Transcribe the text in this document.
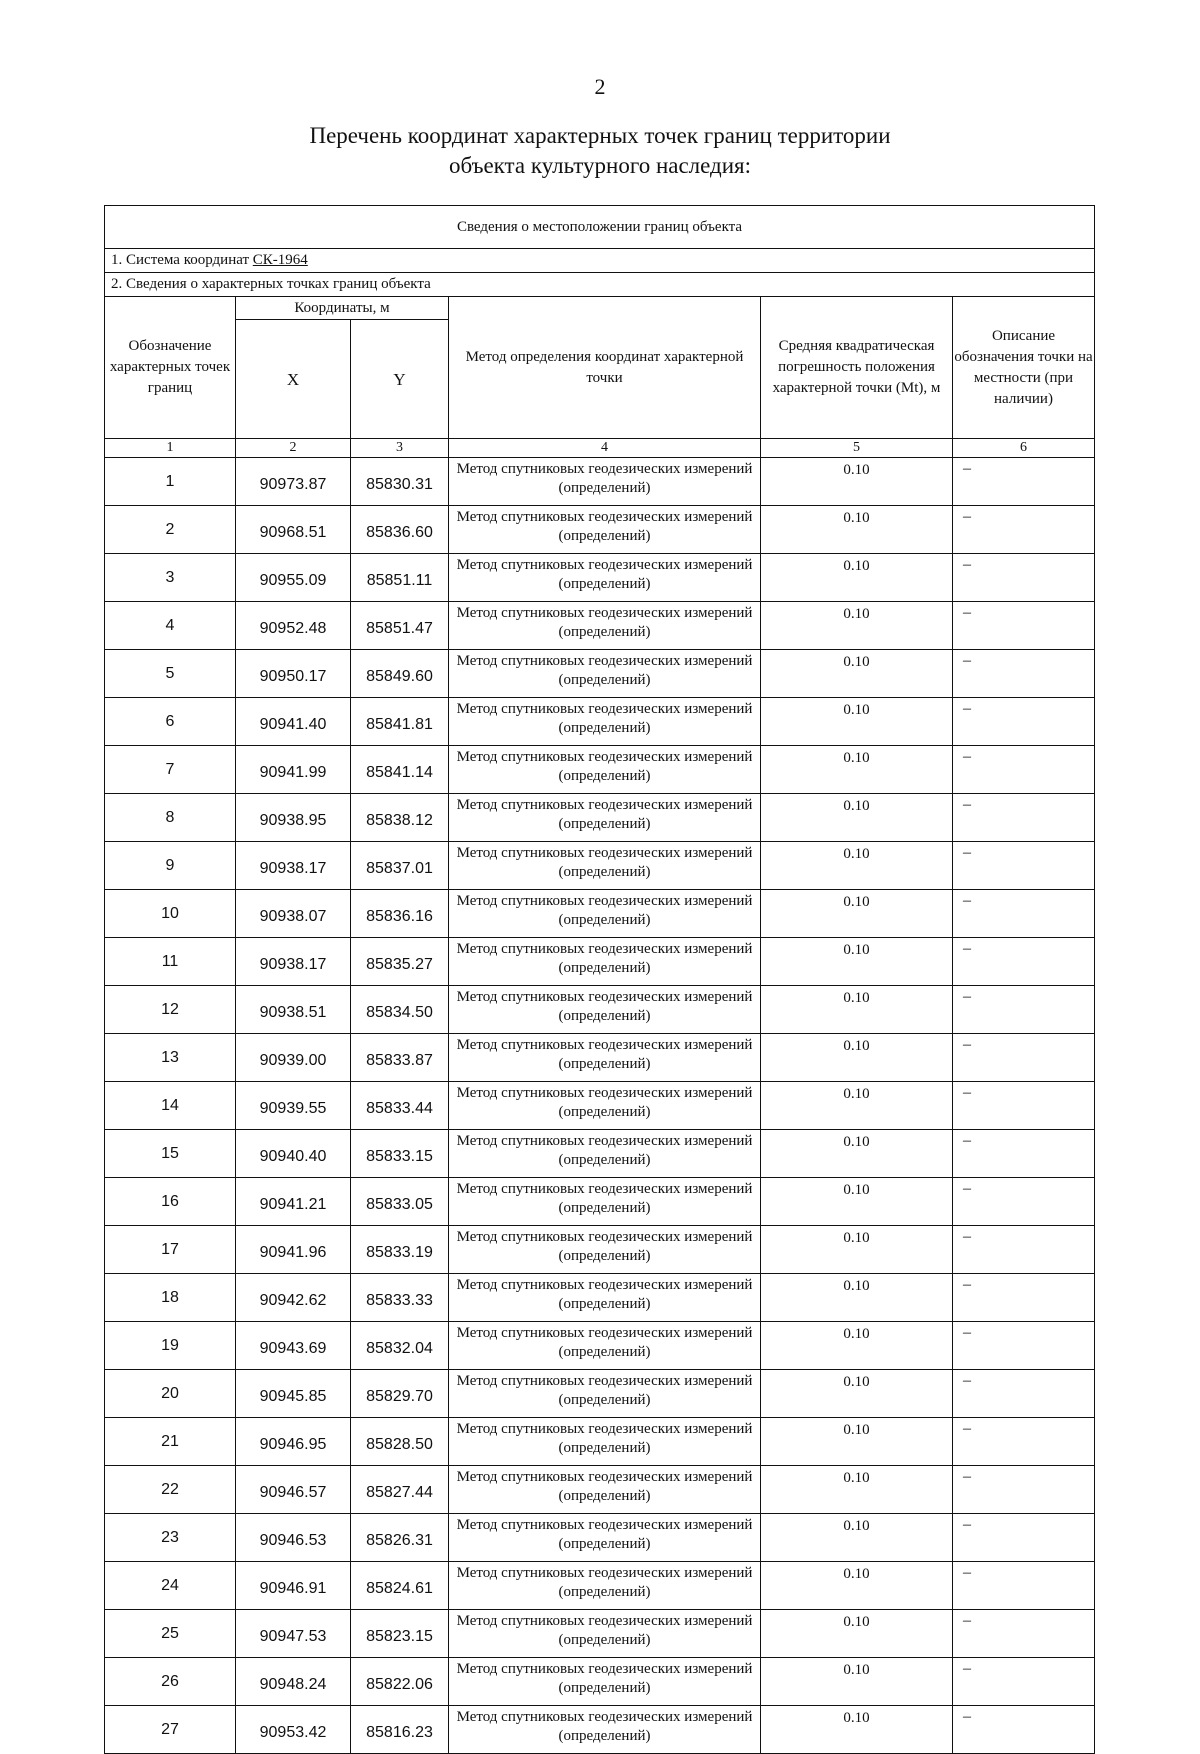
2
Перечень координат характерных точек границ территории
объекта культурного наследия:
Сведения о местоположении границ объекта					
1. Система координат СК-1964					
2. Сведения о характерных точках границ объекта					
Обозначение характерных точек границ	Координаты, м		Метод определения координат характерной точки	Средняя квадратическая погрешность положения характерной точки (Mt), м	Описание обозначения точки на местности (при наличии)
	X	Y			
1	2	3	4	5	6
1	90973.87	85830.31	Метод спутниковых геодезических измерений (определений)	0.10	–
2	90968.51	85836.60	Метод спутниковых геодезических измерений (определений)	0.10	–
3	90955.09	85851.11	Метод спутниковых геодезических измерений (определений)	0.10	–
4	90952.48	85851.47	Метод спутниковых геодезических измерений (определений)	0.10	–
5	90950.17	85849.60	Метод спутниковых геодезических измерений (определений)	0.10	–
6	90941.40	85841.81	Метод спутниковых геодезических измерений (определений)	0.10	–
7	90941.99	85841.14	Метод спутниковых геодезических измерений (определений)	0.10	–
8	90938.95	85838.12	Метод спутниковых геодезических измерений (определений)	0.10	–
9	90938.17	85837.01	Метод спутниковых геодезических измерений (определений)	0.10	–
10	90938.07	85836.16	Метод спутниковых геодезических измерений (определений)	0.10	–
11	90938.17	85835.27	Метод спутниковых геодезических измерений (определений)	0.10	–
12	90938.51	85834.50	Метод спутниковых геодезических измерений (определений)	0.10	–
13	90939.00	85833.87	Метод спутниковых геодезических измерений (определений)	0.10	–
14	90939.55	85833.44	Метод спутниковых геодезических измерений (определений)	0.10	–
15	90940.40	85833.15	Метод спутниковых геодезических измерений (определений)	0.10	–
16	90941.21	85833.05	Метод спутниковых геодезических измерений (определений)	0.10	–
17	90941.96	85833.19	Метод спутниковых геодезических измерений (определений)	0.10	–
18	90942.62	85833.33	Метод спутниковых геодезических измерений (определений)	0.10	–
19	90943.69	85832.04	Метод спутниковых геодезических измерений (определений)	0.10	–
20	90945.85	85829.70	Метод спутниковых геодезических измерений (определений)	0.10	–
21	90946.95	85828.50	Метод спутниковых геодезических измерений (определений)	0.10	–
22	90946.57	85827.44	Метод спутниковых геодезических измерений (определений)	0.10	–
23	90946.53	85826.31	Метод спутниковых геодезических измерений (определений)	0.10	–
24	90946.91	85824.61	Метод спутниковых геодезических измерений (определений)	0.10	–
25	90947.53	85823.15	Метод спутниковых геодезических измерений (определений)	0.10	–
26	90948.24	85822.06	Метод спутниковых геодезических измерений (определений)	0.10	–
27	90953.42	85816.23	Метод спутниковых геодезических измерений (определений)	0.10	–
